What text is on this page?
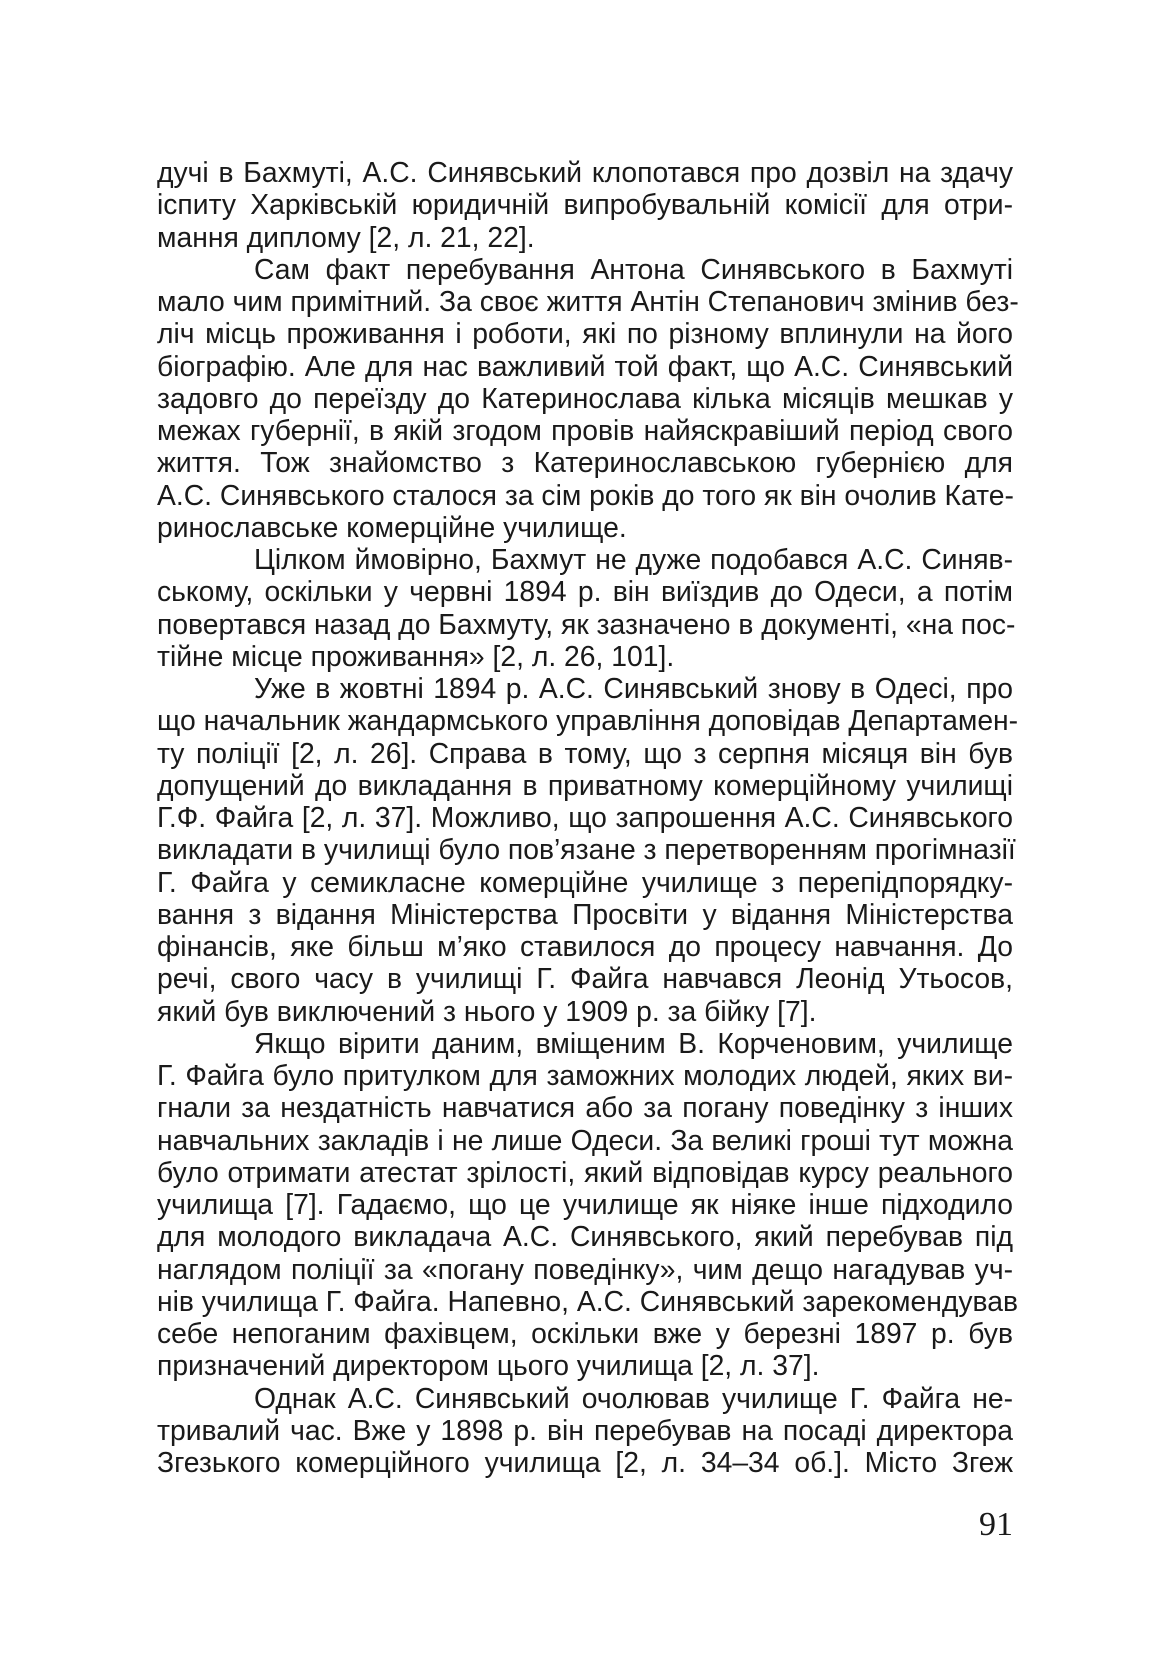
дучі в Бахмуті, А.С. Синявський клопотався про дозвіл на здачу
іспиту Харківській юридичній випробувальній комісії для отри-
мання диплому [2, л. 21, 22].
Сам факт перебування Антона Синявського в Бахмуті
мало чим примітний. За своє життя Антін Степанович змінив без-
ліч місць проживання і роботи, які по різному вплинули на його
біографію. Але для нас важливий той факт, що А.С. Синявський
задовго до переїзду до Катеринослава кілька місяців мешкав у
межах губернії, в якій згодом провів найяскравіший період свого
життя. Тож знайомство з Катеринославською губернією для
А.С. Синявського сталося за сім років до того як він очолив Кате-
ринославське комерційне училище.
Цілком ймовірно, Бахмут не дуже подобався А.С. Синяв-
ському, оскільки у червні 1894 р. він виїздив до Одеси, а потім
повертався назад до Бахмуту, як зазначено в документі, «на пос-
тійне місце проживання» [2, л. 26, 101].
Уже в жовтні 1894 р. А.С. Синявський знову в Одесі, про
що начальник жандармського управління доповідав Департамен-
ту поліції [2, л. 26]. Справа в тому, що з серпня місяця він був
допущений до викладання в приватному комерційному училищі
Г.Ф. Файга [2, л. 37]. Можливо, що запрошення А.С. Синявського
викладати в училищі було пов’язане з перетворенням прогімназії
Г. Файга у семикласне комерційне училище з перепідпорядку-
вання з відання Міністерства Просвіти у відання Міністерства
фінансів, яке більш м’яко ставилося до процесу навчання. До
речі, свого часу в училищі Г. Файга навчався Леонід Утьосов,
який був виключений з нього у 1909 р. за бійку [7].
Якщо вірити даним, вміщеним В. Корченовим, училище
Г. Файга було притулком для заможних молодих людей, яких ви-
гнали за нездатність навчатися або за погану поведінку з інших
навчальних закладів і не лише Одеси. За великі гроші тут можна
було отримати атестат зрілості, який відповідав курсу реального
училища [7]. Гадаємо, що це училище як ніяке інше підходило
для молодого викладача А.С. Синявського, який перебував під
наглядом поліції за «погану поведінку», чим дещо нагадував уч-
нів училища Г. Файга. Напевно, А.С. Синявський зарекомендував
себе непоганим фахівцем, оскільки вже у березні 1897 р. був
призначений директором цього училища [2, л. 37].
Однак А.С. Синявський очолював училище Г. Файга не-
тривалий час. Вже у 1898 р. він перебував на посаді директора
Згезького комерційного училища [2, л. 34–34 об.]. Місто Згеж
91
